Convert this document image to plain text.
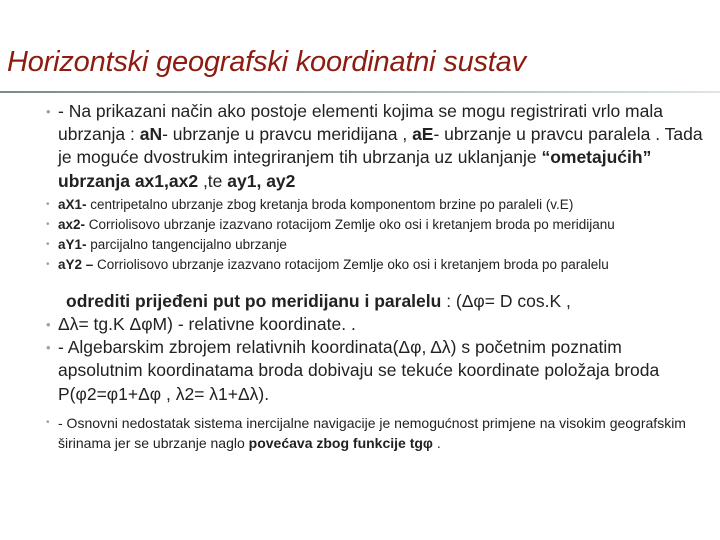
Horizontski geografski koordinatni sustav

• - Na prikazani način ako postoje elementi kojima se mogu registrirati vrlo mala ubrzanja : aN- ubrzanje u pravcu meridijana , aE- ubrzanje u pravcu paralela . Tada je moguće dvostrukim integriranjem tih ubrzanja uz uklanjanje “ometajućih” ubrzanja ax1,ax2 ,te ay1, ay2

• aX1- centripetalno ubrzanje zbog kretanja broda komponentom brzine po paraleli (v.E)

• ax2- Corriolisovo ubrzanje izazvano rotacijom Zemlje oko osi i kretanjem broda po meridijanu

• aY1- parcijalno tangencijalno ubrzanje

• aY2 – Corriolisovo ubrzanje izazvano rotacijom Zemlje oko osi i kretanjem broda po paralelu

odrediti prijeđeni put po meridijanu i paralelu : (Δφ= D cos.K ,

• Δλ= tg.K ΔφM) - relativne koordinate. .

• - Algebarskim zbrojem relativnih koordinata(Δφ, Δλ) s početnim poznatim apsolutnim koordinatama broda dobivaju se tekuće koordinate položaja broda P(φ2=φ1+Δφ , λ2= λ1+Δλ).

• - Osnovni nedostatak sistema inercijalne navigacije je nemogućnost primjene na visokim geografskim širinama jer se ubrzanje naglo povećava zbog funkcije tgφ .
